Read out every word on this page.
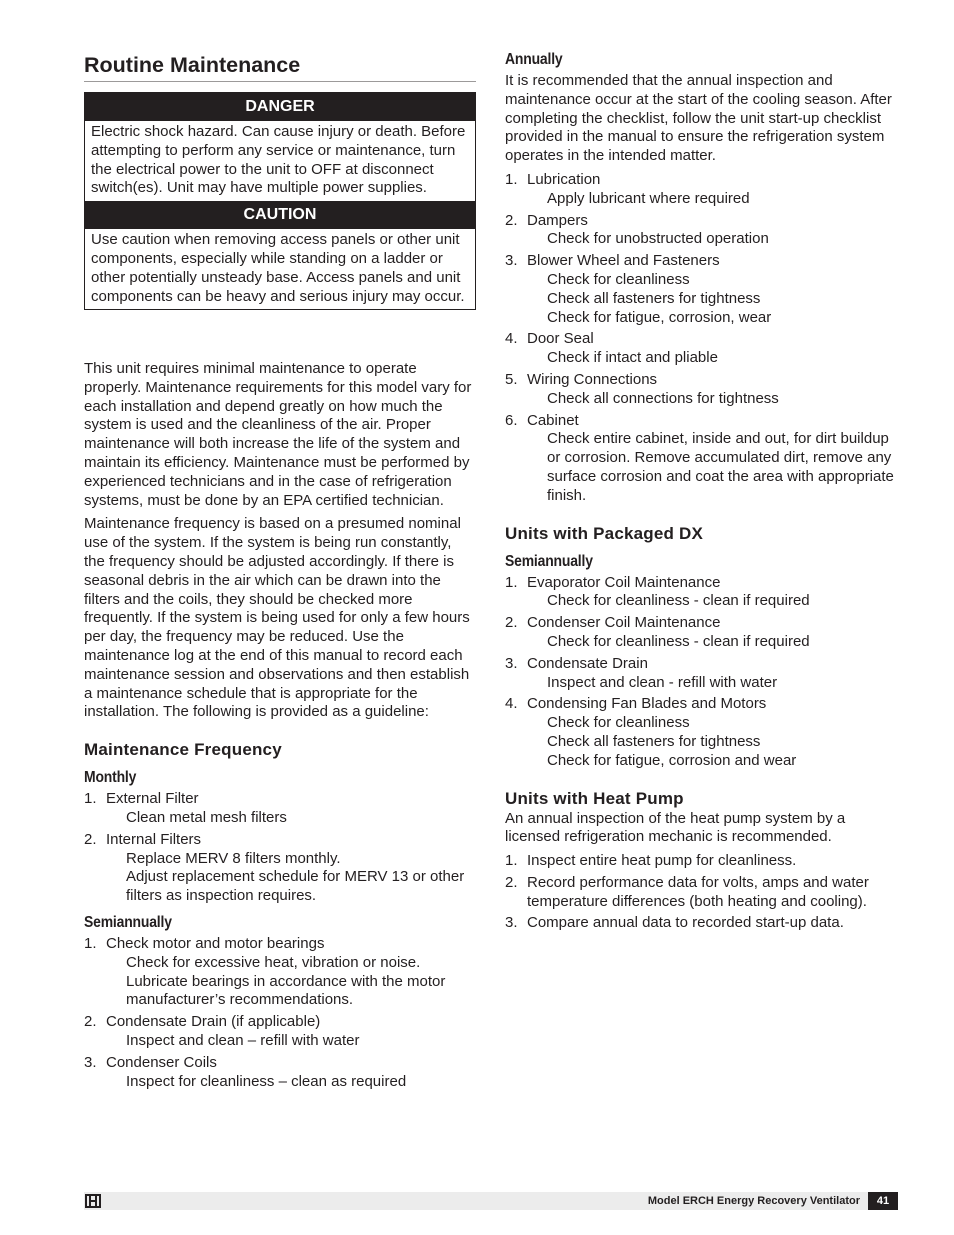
Routine Maintenance
DANGER
Electric shock hazard. Can cause injury or death. Before attempting to perform any service or maintenance, turn the electrical power to the unit to OFF at disconnect switch(es). Unit may have multiple power supplies.
CAUTION
Use caution when removing access panels or other unit components, especially while standing on a ladder or other potentially unsteady base. Access panels and unit components can be heavy and serious injury may occur.

This unit requires minimal maintenance to operate properly. Maintenance requirements for this model vary for each installation and depend greatly on how much the system is used and the cleanliness of the air. Proper maintenance will both increase the life of the system and maintain its efficiency. Maintenance must be performed by experienced technicians and in the case of refrigeration systems, must be done by an EPA certified technician.

Maintenance frequency is based on a presumed nominal use of the system. If the system is being run constantly, the frequency should be adjusted accordingly. If there is seasonal debris in the air which can be drawn into the filters and the coils, they should be checked more frequently. If the system is being used for only a few hours per day, the frequency may be reduced. Use the maintenance log at the end of this manual to record each maintenance session and observations and then establish a maintenance schedule that is appropriate for the installation. The following is provided as a guideline:

Maintenance Frequency
Monthly
1. External Filter
Clean metal mesh filters
2. Internal Filters
Replace MERV 8 filters monthly.
Adjust replacement schedule for MERV 13 or other filters as inspection requires.
Semiannually
1. Check motor and motor bearings
Check for excessive heat, vibration or noise. Lubricate bearings in accordance with the motor manufacturer’s recommendations.
2. Condensate Drain (if applicable)
Inspect and clean – refill with water
3. Condenser Coils
Inspect for cleanliness – clean as required
Annually

It is recommended that the annual inspection and maintenance occur at the start of the cooling season. After completing the checklist, follow the unit start-up checklist provided in the manual to ensure the refrigeration system operates in the intended matter.

1. Lubrication
Apply lubricant where required
2. Dampers
Check for unobstructed operation
3. Blower Wheel and Fasteners
Check for cleanliness
Check all fasteners for tightness
Check for fatigue, corrosion, wear
4. Door Seal
Check if intact and pliable
5. Wiring Connections
Check all connections for tightness
6. Cabinet
Check entire cabinet, inside and out, for dirt buildup or corrosion. Remove accumulated dirt, remove any surface corrosion and coat the area with appropriate finish.
Units with Packaged DX
Semiannually
1. Evaporator Coil Maintenance
Check for cleanliness - clean if required
2. Condenser Coil Maintenance
Check for cleanliness - clean if required
3. Condensate Drain
Inspect and clean - refill with water
4. Condensing Fan Blades and Motors
Check for cleanliness
Check all fasteners for tightness
Check for fatigue, corrosion and wear
Units with Heat Pump

An annual inspection of the heat pump system by a licensed refrigeration mechanic is recommended.

1. Inspect entire heat pump for cleanliness.
2. Record performance data for volts, amps and water temperature differences (both heating and cooling).
3. Compare annual data to recorded start-up data.
Model ERCH Energy Recovery Ventilator	41
